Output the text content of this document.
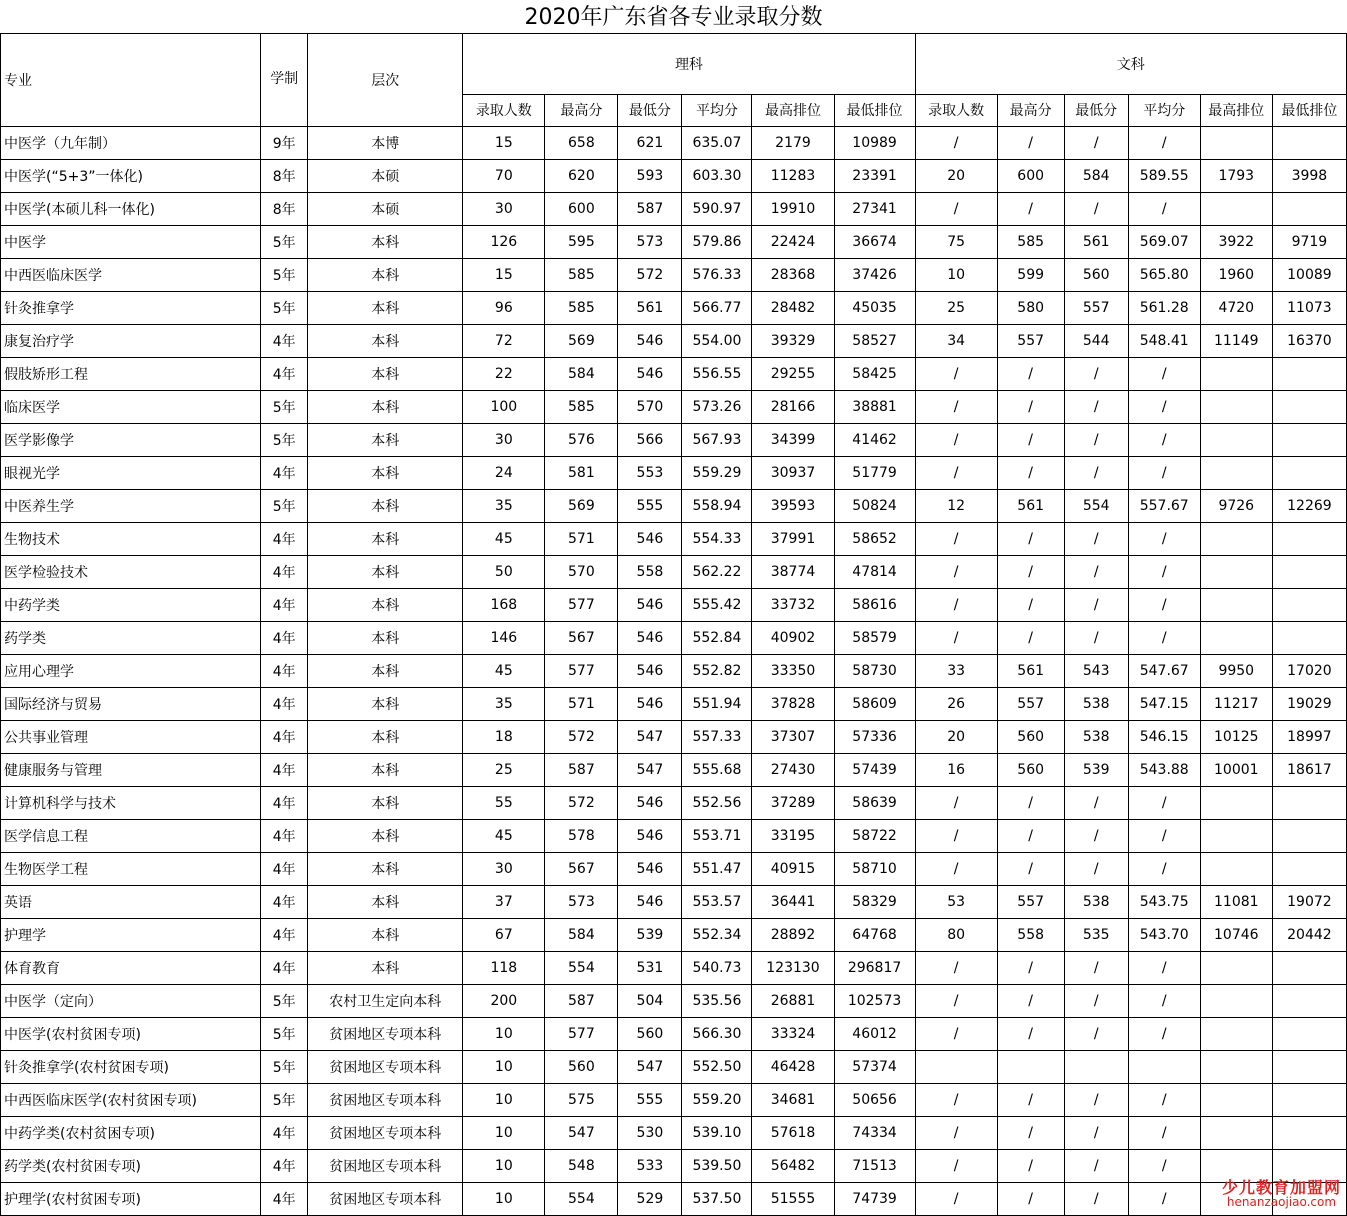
2020年广东省各专业录取分数
专业	学制	层次	理科						文科					
			录取人数	最高分	最低分	平均分	最高排位	最低排位	录取人数	最高分	最低分	平均分	最高排位	最低排位
中医学（九年制）	9年	本博	15	658	621	635.07	2179	10989	/	/	/	/		
中医学(“5+3”一体化)	8年	本硕	70	620	593	603.30	11283	23391	20	600	584	589.55	1793	3998
中医学(本硕儿科一体化)	8年	本硕	30	600	587	590.97	19910	27341	/	/	/	/		
中医学	5年	本科	126	595	573	579.86	22424	36674	75	585	561	569.07	3922	9719
中西医临床医学	5年	本科	15	585	572	576.33	28368	37426	10	599	560	565.80	1960	10089
针灸推拿学	5年	本科	96	585	561	566.77	28482	45035	25	580	557	561.28	4720	11073
康复治疗学	4年	本科	72	569	546	554.00	39329	58527	34	557	544	548.41	11149	16370
假肢矫形工程	4年	本科	22	584	546	556.55	29255	58425	/	/	/	/		
临床医学	5年	本科	100	585	570	573.26	28166	38881	/	/	/	/		
医学影像学	5年	本科	30	576	566	567.93	34399	41462	/	/	/	/		
眼视光学	4年	本科	24	581	553	559.29	30937	51779	/	/	/	/		
中医养生学	5年	本科	35	569	555	558.94	39593	50824	12	561	554	557.67	9726	12269
生物技术	4年	本科	45	571	546	554.33	37991	58652	/	/	/	/		
医学检验技术	4年	本科	50	570	558	562.22	38774	47814	/	/	/	/		
中药学类	4年	本科	168	577	546	555.42	33732	58616	/	/	/	/		
药学类	4年	本科	146	567	546	552.84	40902	58579	/	/	/	/		
应用心理学	4年	本科	45	577	546	552.82	33350	58730	33	561	543	547.67	9950	17020
国际经济与贸易	4年	本科	35	571	546	551.94	37828	58609	26	557	538	547.15	11217	19029
公共事业管理	4年	本科	18	572	547	557.33	37307	57336	20	560	538	546.15	10125	18997
健康服务与管理	4年	本科	25	587	547	555.68	27430	57439	16	560	539	543.88	10001	18617
计算机科学与技术	4年	本科	55	572	546	552.56	37289	58639	/	/	/	/		
医学信息工程	4年	本科	45	578	546	553.71	33195	58722	/	/	/	/		
生物医学工程	4年	本科	30	567	546	551.47	40915	58710	/	/	/	/		
英语	4年	本科	37	573	546	553.57	36441	58329	53	557	538	543.75	11081	19072
护理学	4年	本科	67	584	539	552.34	28892	64768	80	558	535	543.70	10746	20442
体育教育	4年	本科	118	554	531	540.73	123130	296817	/	/	/	/		
中医学（定向）	5年	农村卫生定向本科	200	587	504	535.56	26881	102573	/	/	/	/		
中医学(农村贫困专项)	5年	贫困地区专项本科	10	577	560	566.30	33324	46012	/	/	/	/		
针灸推拿学(农村贫困专项)	5年	贫困地区专项本科	10	560	547	552.50	46428	57374						
中西医临床医学(农村贫困专项)	5年	贫困地区专项本科	10	575	555	559.20	34681	50656	/	/	/	/		
中药学类(农村贫困专项)	4年	贫困地区专项本科	10	547	530	539.10	57618	74334	/	/	/	/		
药学类(农村贫困专项)	4年	贫困地区专项本科	10	548	533	539.50	56482	71513	/	/	/	/		
护理学(农村贫困专项)	4年	贫困地区专项本科	10	554	529	537.50	51555	74739	/	/	/	/		
少儿教育加盟网
henanzaojiao.com
